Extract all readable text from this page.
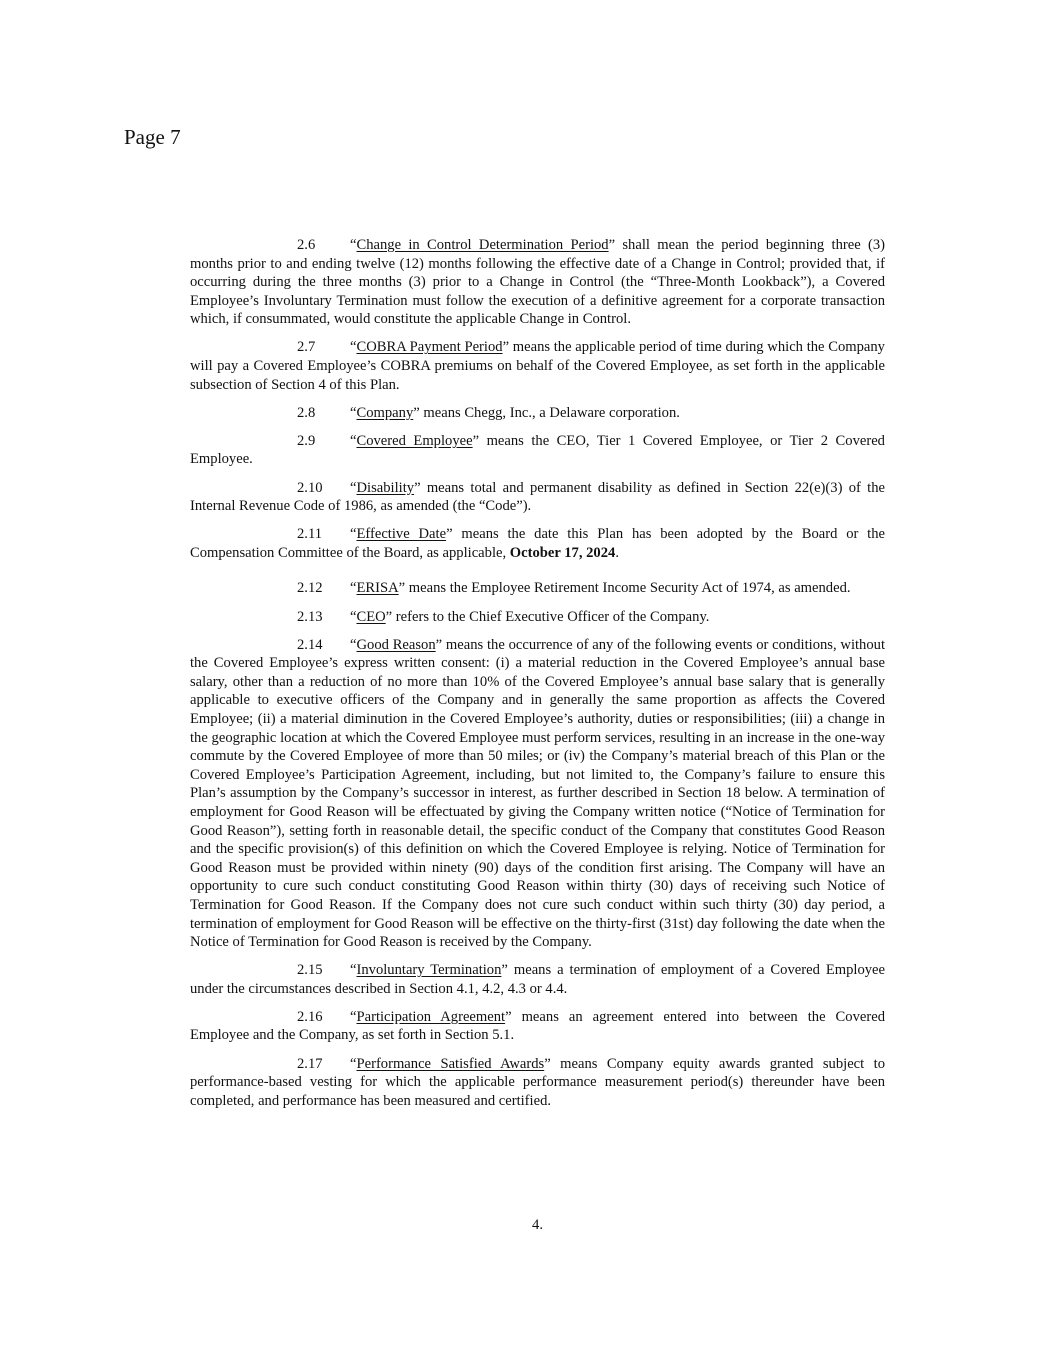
Page 7

2.6 “Change in Control Determination Period” shall mean the period beginning three (3) months prior to and ending twelve (12) months following the effective date of a Change in Control; provided that, if occurring during the three months (3) prior to a Change in Control (the “Three-Month Lookback”), a Covered Employee’s Involuntary Termination must follow the execution of a definitive agreement for a corporate transaction which, if consummated, would constitute the applicable Change in Control.

2.7 “COBRA Payment Period” means the applicable period of time during which the Company will pay a Covered Employee’s COBRA premiums on behalf of the Covered Employee, as set forth in the applicable subsection of Section 4 of this Plan.

2.8 “Company” means Chegg, Inc., a Delaware corporation.

2.9 “Covered Employee” means the CEO, Tier 1 Covered Employee, or Tier 2 Covered Employee.

2.10 “Disability” means total and permanent disability as defined in Section 22(e)(3) of the Internal Revenue Code of 1986, as amended (the “Code”).

2.11 “Effective Date” means the date this Plan has been adopted by the Board or the Compensation Committee of the Board, as applicable, October 17, 2024.

2.12 “ERISA” means the Employee Retirement Income Security Act of 1974, as amended.

2.13 “CEO” refers to the Chief Executive Officer of the Company.

2.14 “Good Reason” means the occurrence of any of the following events or conditions, without the Covered Employee’s express written consent: (i) a material reduction in the Covered Employee’s annual base salary, other than a reduction of no more than 10% of the Covered Employee’s annual base salary that is generally applicable to executive officers of the Company and in generally the same proportion as affects the Covered Employee; (ii) a material diminution in the Covered Employee’s authority, duties or responsibilities; (iii) a change in the geographic location at which the Covered Employee must perform services, resulting in an increase in the one-way commute by the Covered Employee of more than 50 miles; or (iv) the Company’s material breach of this Plan or the Covered Employee’s Participation Agreement, including, but not limited to, the Company’s failure to ensure this Plan’s assumption by the Company’s successor in interest, as further described in Section 18 below. A termination of employment for Good Reason will be effectuated by giving the Company written notice (“Notice of Termination for Good Reason”), setting forth in reasonable detail, the specific conduct of the Company that constitutes Good Reason and the specific provision(s) of this definition on which the Covered Employee is relying. Notice of Termination for Good Reason must be provided within ninety (90) days of the condition first arising. The Company will have an opportunity to cure such conduct constituting Good Reason within thirty (30) days of receiving such Notice of Termination for Good Reason. If the Company does not cure such conduct within such thirty (30) day period, a termination of employment for Good Reason will be effective on the thirty-first (31st) day following the date when the Notice of Termination for Good Reason is received by the Company.

2.15 “Involuntary Termination” means a termination of employment of a Covered Employee under the circumstances described in Section 4.1, 4.2, 4.3 or 4.4.

2.16 “Participation Agreement” means an agreement entered into between the Covered Employee and the Company, as set forth in Section 5.1.

2.17 “Performance Satisfied Awards” means Company equity awards granted subject to performance-based vesting for which the applicable performance measurement period(s) thereunder have been completed, and performance has been measured and certified.

4.
